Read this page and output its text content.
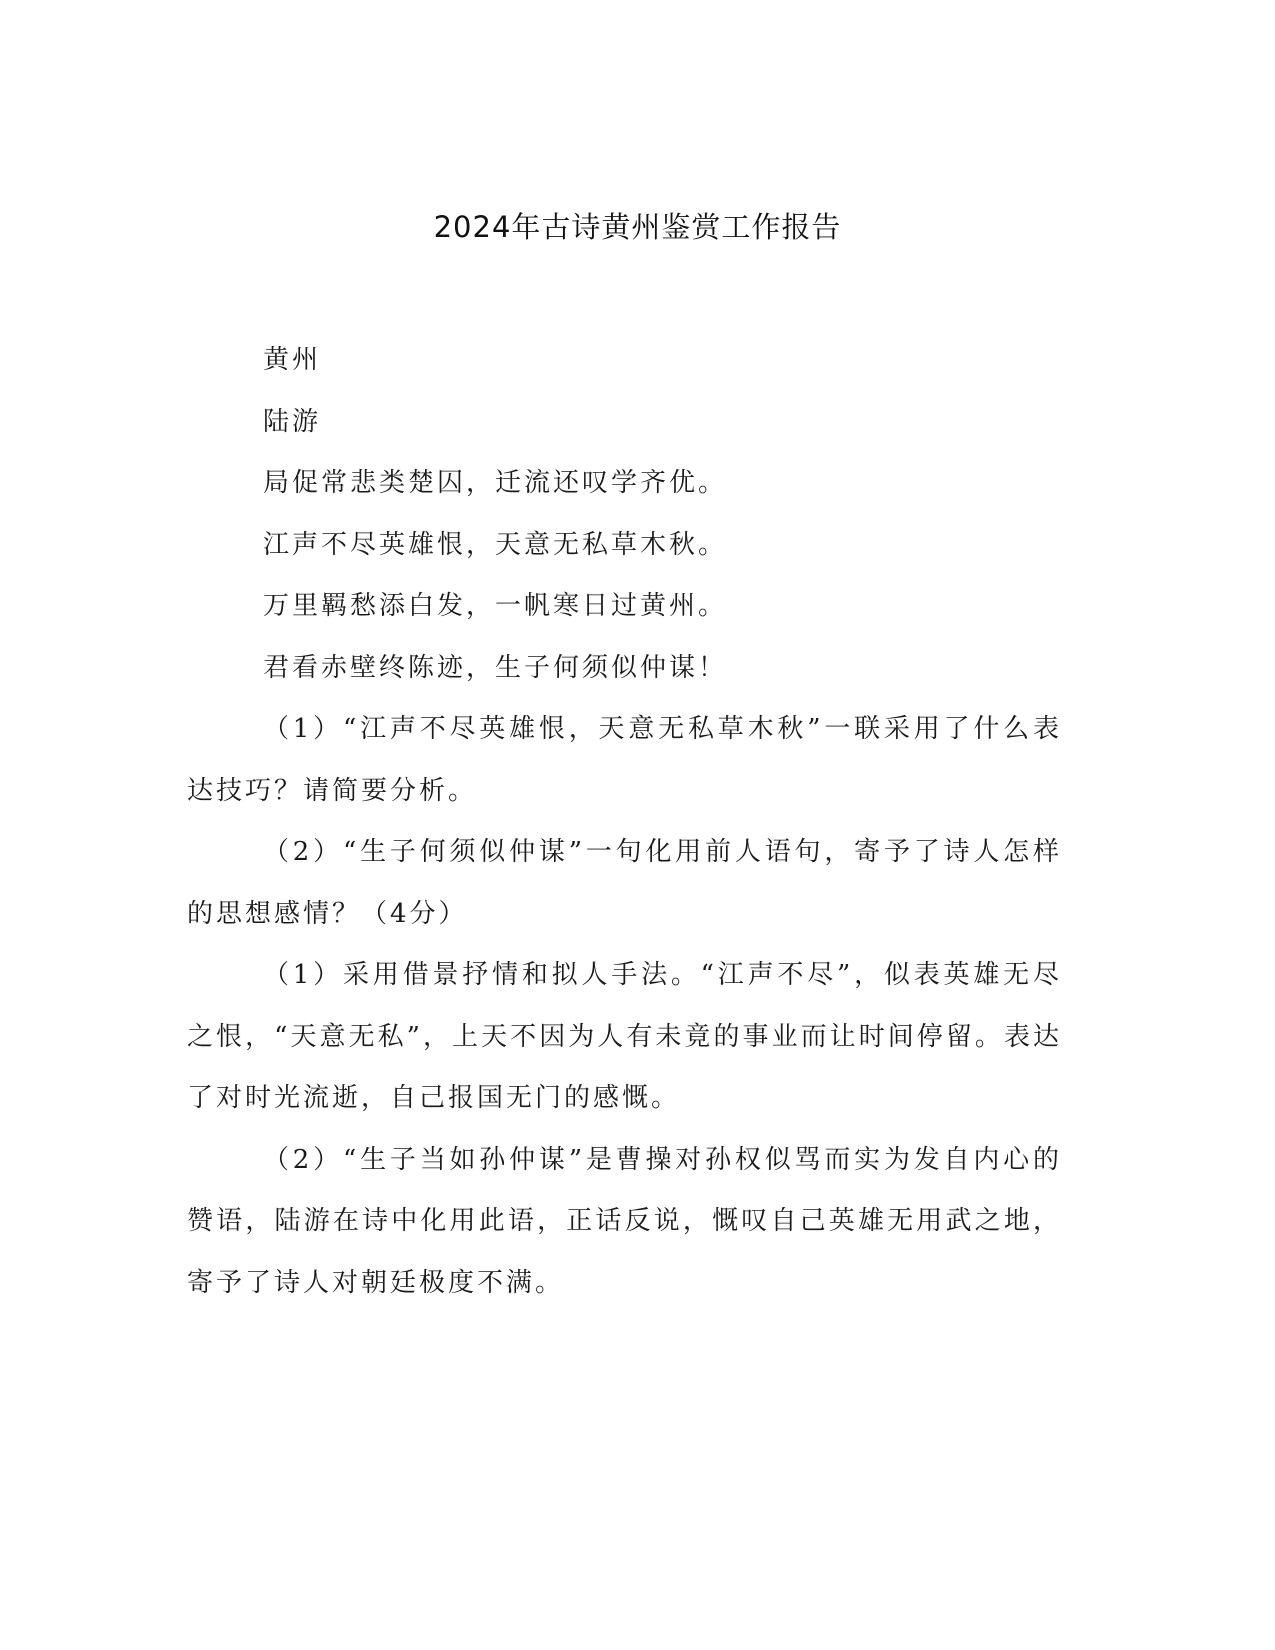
2024年古诗黄州鉴赏工作报告

黄州

陆游

局促常悲类楚囚，迁流还叹学齐优。

江声不尽英雄恨，天意无私草木秋。

万里羁愁添白发，一帆寒日过黄州。

君看赤壁终陈迹，生子何须似仲谋！

（1）“江声不尽英雄恨，天意无私草木秋”一联采用了什么表达技巧？请简要分析。

（2）“生子何须似仲谋”一句化用前人语句，寄予了诗人怎样的思想感情？（4分）

（1）采用借景抒情和拟人手法。“江声不尽”，似表英雄无尽之恨，“天意无私”，上天不因为人有未竟的事业而让时间停留。表达了对时光流逝，自己报国无门的感慨。

（2）“生子当如孙仲谋”是曹操对孙权似骂而实为发自内心的赞语，陆游在诗中化用此语，正话反说，慨叹自己英雄无用武之地，寄予了诗人对朝廷极度不满。
